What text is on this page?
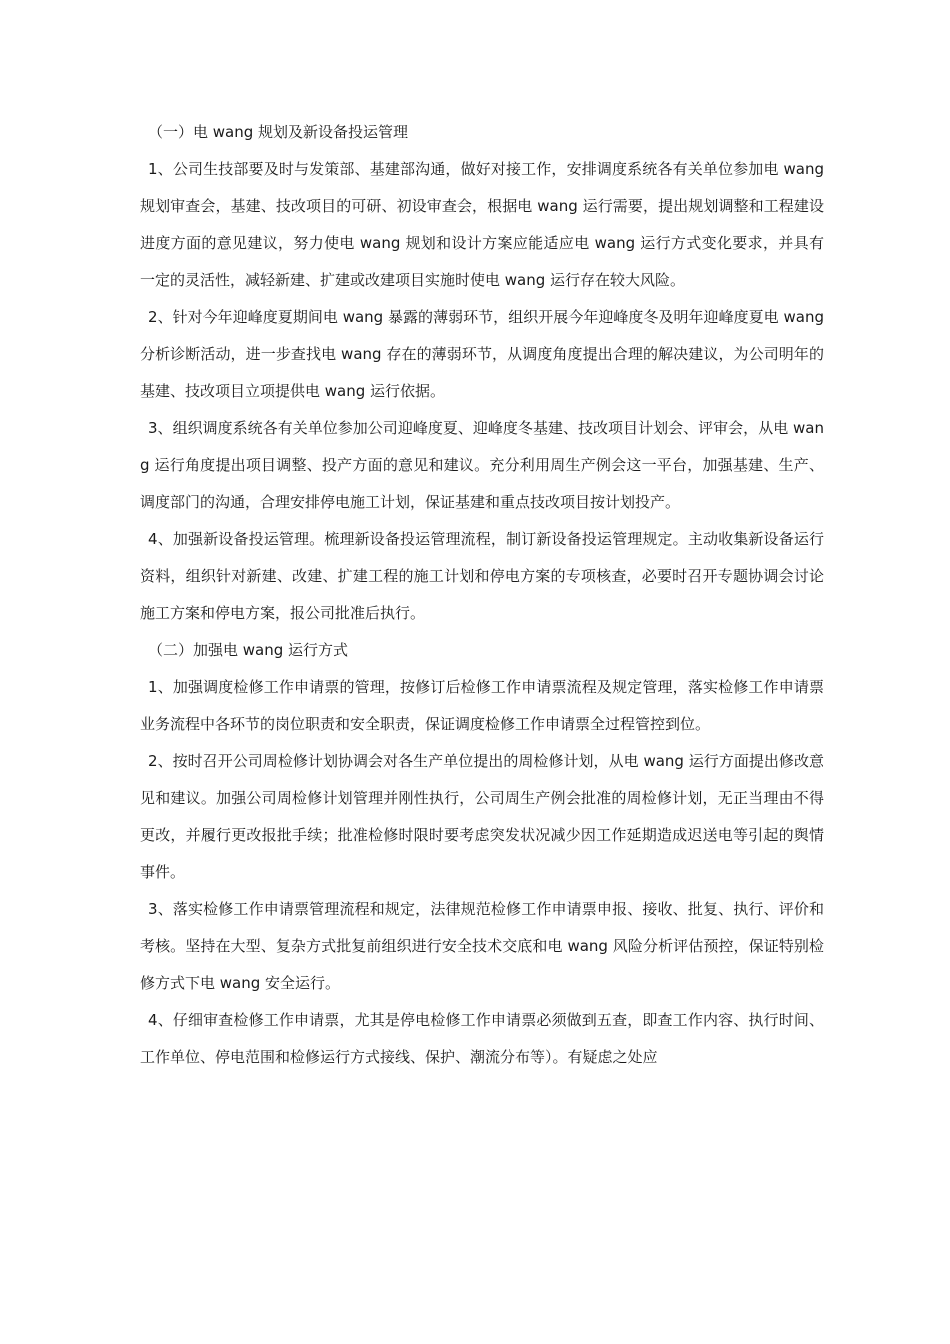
（一）电 wang 规划及新设备投运管理

1、公司生技部要及时与发策部、基建部沟通，做好对接工作，安排调度系统各有关单位参加电 wang 规划审查会，基建、技改项目的可研、初设审查会，根据电 wang 运行需要，提出规划调整和工程建设进度方面的意见建议，努力使电 wang 规划和设计方案应能适应电 wang 运行方式变化要求，并具有一定的灵活性，减轻新建、扩建或改建项目实施时使电 wang 运行存在较大风险。

2、针对今年迎峰度夏期间电 wang 暴露的薄弱环节，组织开展今年迎峰度冬及明年迎峰度夏电 wang 分析诊断活动，进一步查找电 wang 存在的薄弱环节，从调度角度提出合理的解决建议，为公司明年的基建、技改项目立项提供电 wang 运行依据。

3、组织调度系统各有关单位参加公司迎峰度夏、迎峰度冬基建、技改项目计划会、评审会，从电 wang 运行角度提出项目调整、投产方面的意见和建议。充分利用周生产例会这一平台，加强基建、生产、调度部门的沟通，合理安排停电施工计划，保证基建和重点技改项目按计划投产。

4、加强新设备投运管理。梳理新设备投运管理流程，制订新设备投运管理规定。主动收集新设备运行资料，组织针对新建、改建、扩建工程的施工计划和停电方案的专项核查，必要时召开专题协调会讨论施工方案和停电方案，报公司批准后执行。

（二）加强电 wang 运行方式

1、加强调度检修工作申请票的管理，按修订后检修工作申请票流程及规定管理，落实检修工作申请票业务流程中各环节的岗位职责和安全职责，保证调度检修工作申请票全过程管控到位。

2、按时召开公司周检修计划协调会对各生产单位提出的周检修计划，从电 wang 运行方面提出修改意见和建议。加强公司周检修计划管理并刚性执行，公司周生产例会批准的周检修计划，无正当理由不得更改，并履行更改报批手续；批准检修时限时要考虑突发状况减少因工作延期造成迟送电等引起的舆情事件。

3、落实检修工作申请票管理流程和规定，法律规范检修工作申请票申报、接收、批复、执行、评价和考核。坚持在大型、复杂方式批复前组织进行安全技术交底和电 wang 风险分析评估预控，保证特别检修方式下电 wang 安全运行。

4、仔细审查检修工作申请票，尤其是停电检修工作申请票必须做到五查，即查工作内容、执行时间、工作单位、停电范围和检修运行方式接线、保护、潮流分布等）。有疑虑之处应
